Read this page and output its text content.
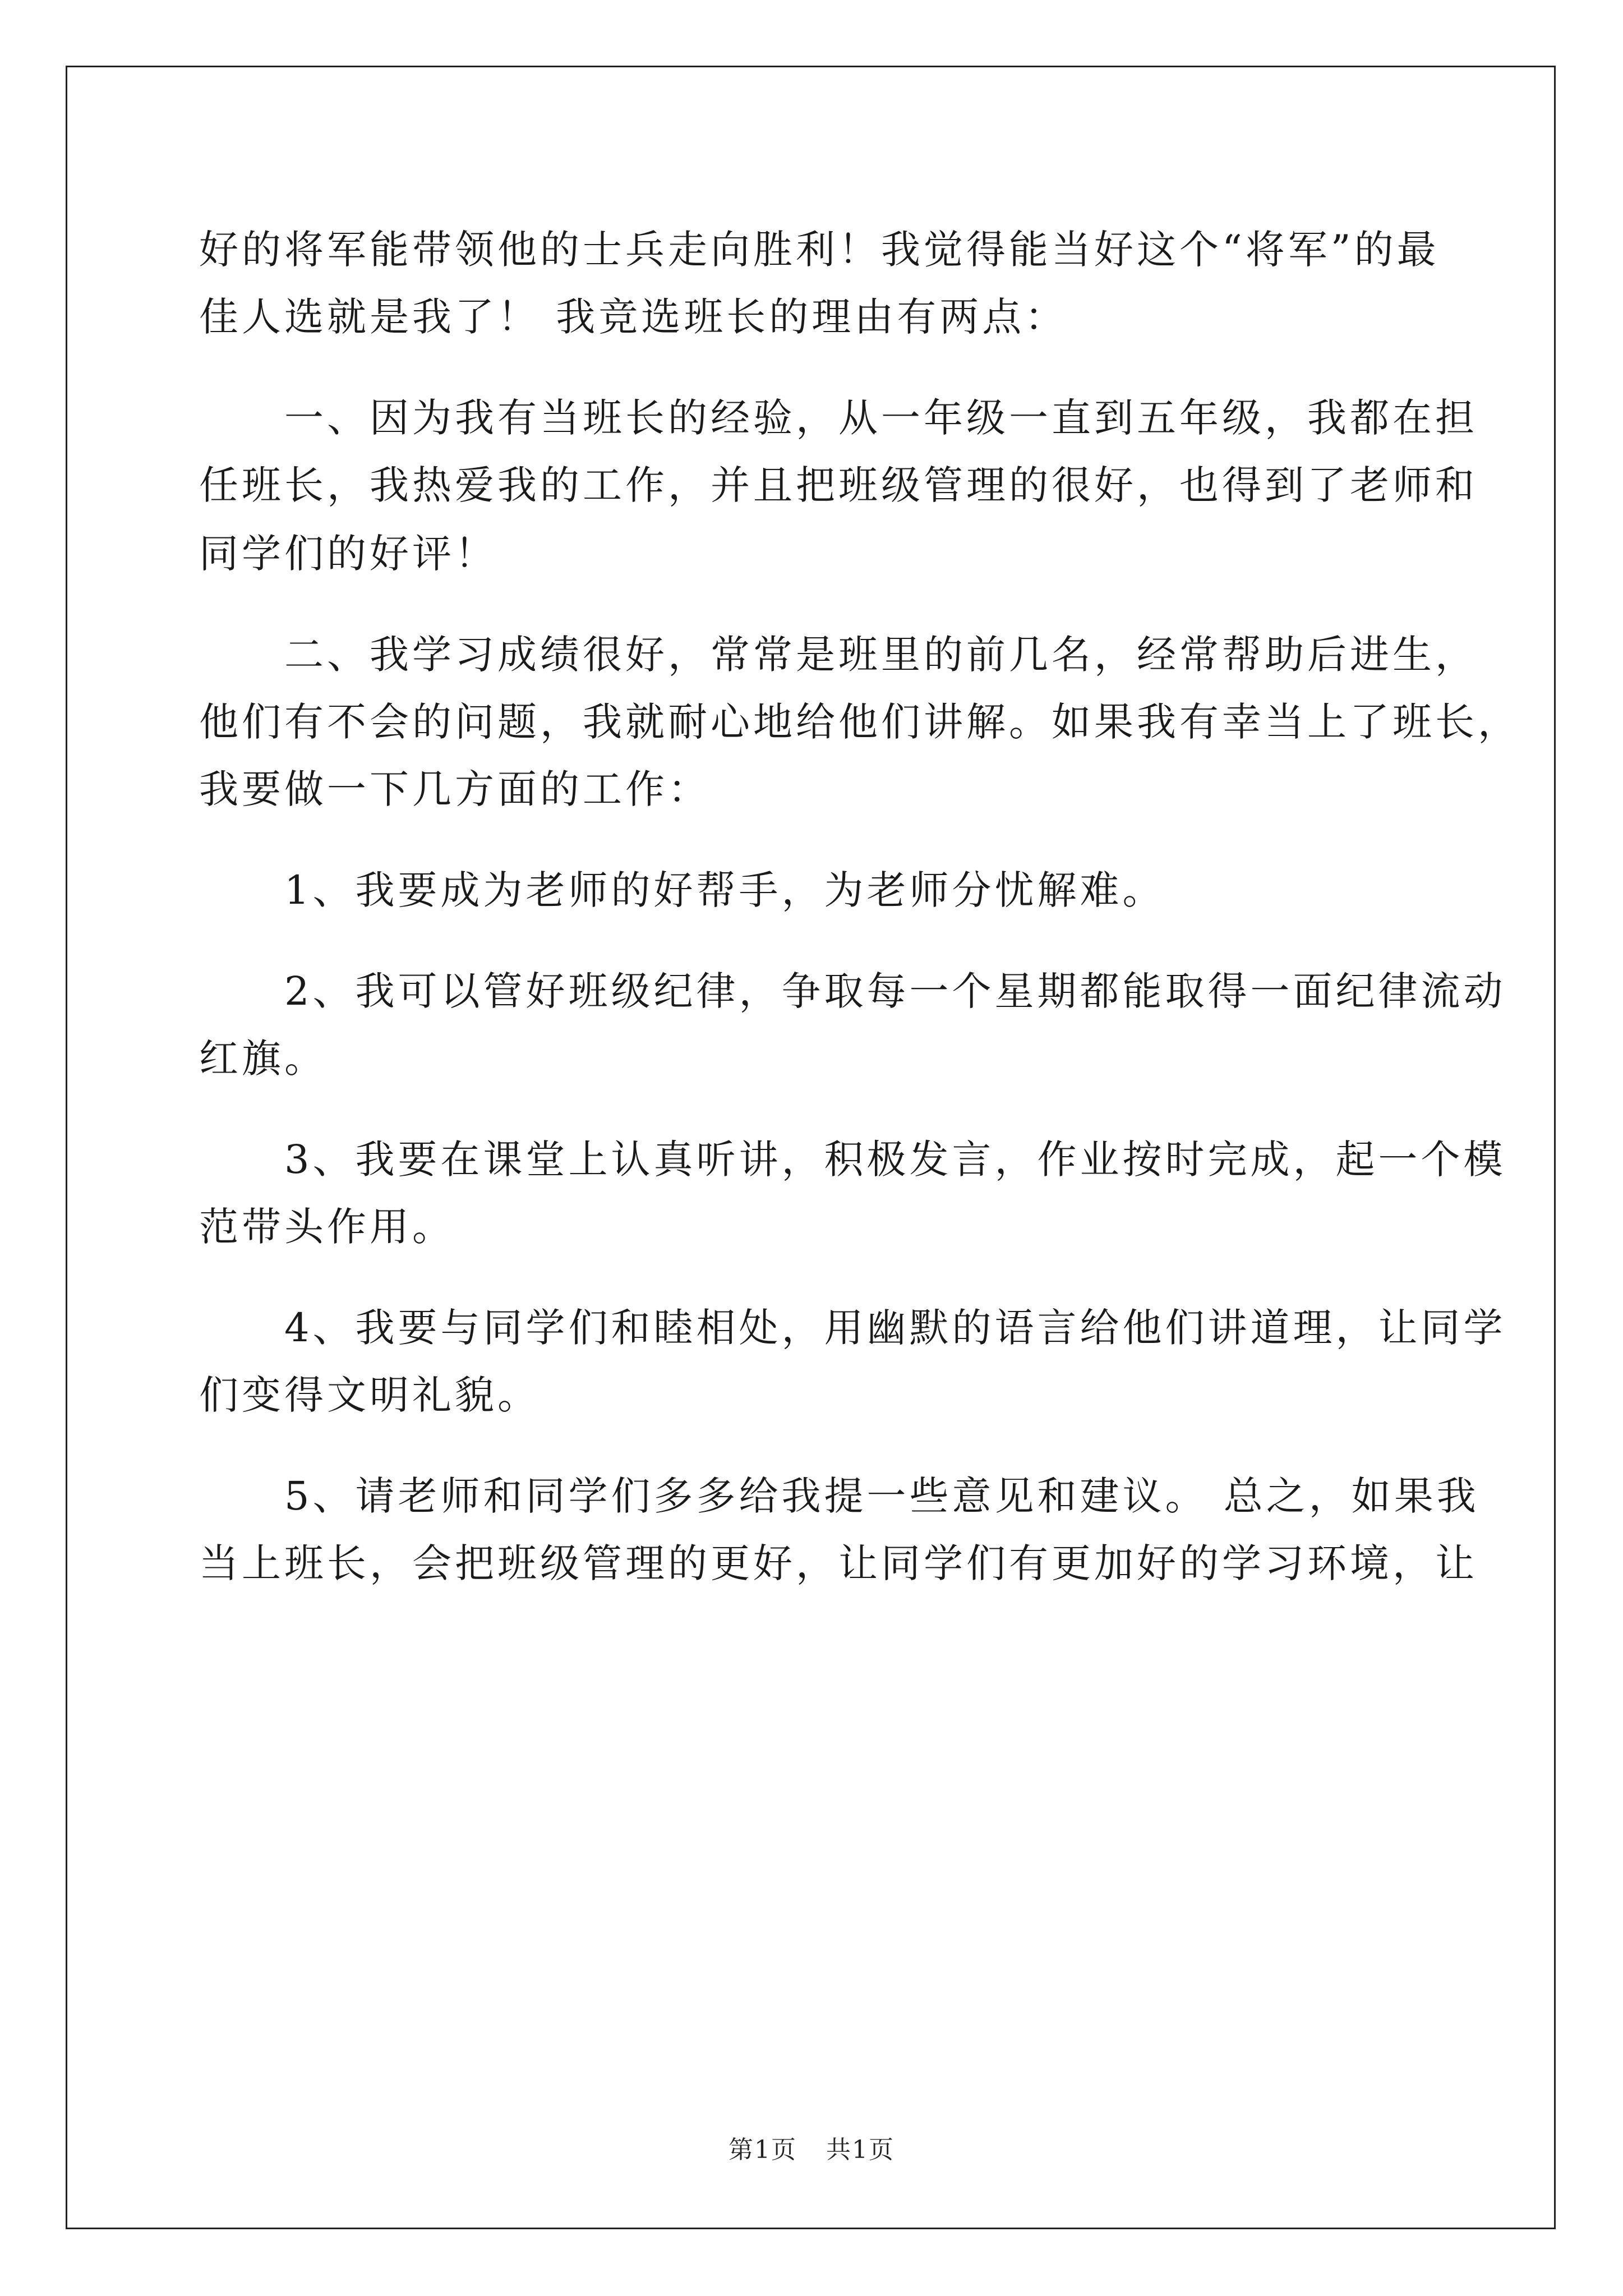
好的将军能带领他的士兵走向胜利！我觉得能当好这个“将军”的最
佳人选就是我了！ 我竞选班长的理由有两点：
　　一、因为我有当班长的经验，从一年级一直到五年级，我都在担
任班长，我热爱我的工作，并且把班级管理的很好，也得到了老师和
同学们的好评！
　　二、我学习成绩很好，常常是班里的前几名，经常帮助后进生，
他们有不会的问题，我就耐心地给他们讲解。如果我有幸当上了班长，
我要做一下几方面的工作：
　　1、我要成为老师的好帮手，为老师分忧解难。
　　2、我可以管好班级纪律，争取每一个星期都能取得一面纪律流动
红旗。
　　3、我要在课堂上认真听讲，积极发言，作业按时完成，起一个模
范带头作用。
　　4、我要与同学们和睦相处，用幽默的语言给他们讲道理，让同学
们变得文明礼貌。
　　5、请老师和同学们多多给我提一些意见和建议。 总之，如果我
当上班长，会把班级管理的更好，让同学们有更加好的学习环境，让
第1页 共1页
